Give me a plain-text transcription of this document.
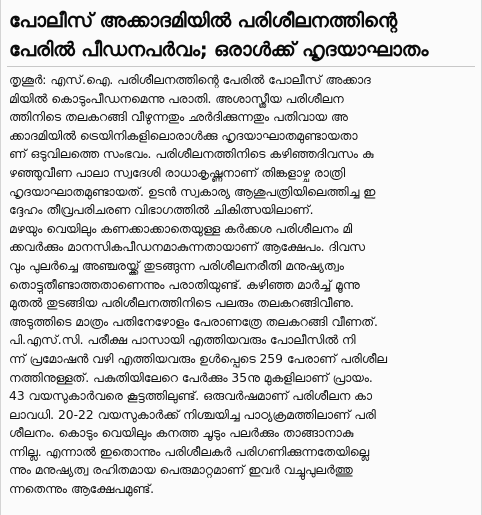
പോലീസ് അക്കാദമിയിൽ പരിശീലനത്തിന്റെ
പേരിൽ പീഡനപർവം; ഒരാൾക്ക് ഹൃദയാഘാതം
തൃശൂർ: എസ്.ഐ. പരിശീലനത്തിന്റെ പേരിൽ പോലീസ് അക്കാദ
മിയിൽ കൊടുംപീഡനമെന്നു പരാതി. അശാസ്ത്രീയ പരിശീലന
ത്തിനിടെ തലകറങ്ങി വീഴുന്നതും ഛർദിക്കുന്നതും പതിവായ അ
ക്കാദമിയിൽ ട്രെയിനികളിലൊരാൾക്കു ഹൃദയാഘാതമുണ്ടായതാ
ണ് ഒടുവിലത്തെ സംഭവം. പരിശീലനത്തിനിടെ കഴിഞ്ഞദിവസം കു
ഴഞ്ഞുവീണ പാലാ സ്വദേശി രാധാകൃഷ്ണനാണ് തിങ്കളാഴ്ച രാത്രി
ഹൃദയാഘാതമുണ്ടായത്. ഉടൻ സ്വകാര്യ ആശുപത്രിയിലെത്തിച്ച ഇ
ദ്ദേഹം തീവ്രപരിചരണ വിഭാഗത്തിൽ ചികിത്സയിലാണ്.
മഴയും വെയിലും കണക്കാക്കാതെയുള്ള കർക്കശ പരിശീലനം മി
ക്കവർക്കും മാനസികപീഡനമാകുന്നതായാണ് ആക്ഷേപം. ദിവസ
വും പുലർച്ചെ അഞ്ചരയ്ക്ക് തുടങ്ങുന്ന പരിശീലനരീതി മനുഷ്യത്വം
തൊട്ടുതീണ്ടാത്തതാണെന്നും പരാതിയുണ്ട്. കഴിഞ്ഞ മാർച്ച് മൂന്നു
മുതൽ തുടങ്ങിയ പരിശീലനത്തിനിടെ പലരും തലകറങ്ങിവീണു.
അടുത്തിടെ മാത്രം പതിനേഴോളം പേരാണത്രേ തലകറങ്ങി വീണത്.
പി.എസ്.സി. പരീക്ഷ പാസായി എത്തിയവരും പോലീസിൽ നി
ന്ന് പ്രമോഷൻ വഴി എത്തിയവരും ഉൾപ്പെടെ 259 പേരാണ് പരിശീല
നത്തിനുള്ളത്. പകുതിയിലേറെ പേർക്കും 35നു മുകളിലാണ് പ്രായം.
43 വയസുകാർവരെ കൂട്ടത്തിലുണ്ട്. ഒരുവർഷമാണ് പരിശീലന കാ
ലാവധി. 20-22 വയസുകാർക്ക് നിശ്ചയിച്ച പാഠ്യക്രമത്തിലാണ് പരി
ശീലനം. കൊടും വെയിലും കനത്ത ചൂടും പലർക്കും താങ്ങാനാകു
ന്നില്ല. എന്നാൽ ഇതൊന്നും പരിശീലകർ പരിഗണിക്കുന്നതേയില്ലെ
ന്നും മനുഷ്യത്വ രഹിതമായ പെരുമാറ്റമാണ് ഇവർ വച്ചുപുലർത്തു
ന്നതെന്നും ആക്ഷേപമുണ്ട്.
